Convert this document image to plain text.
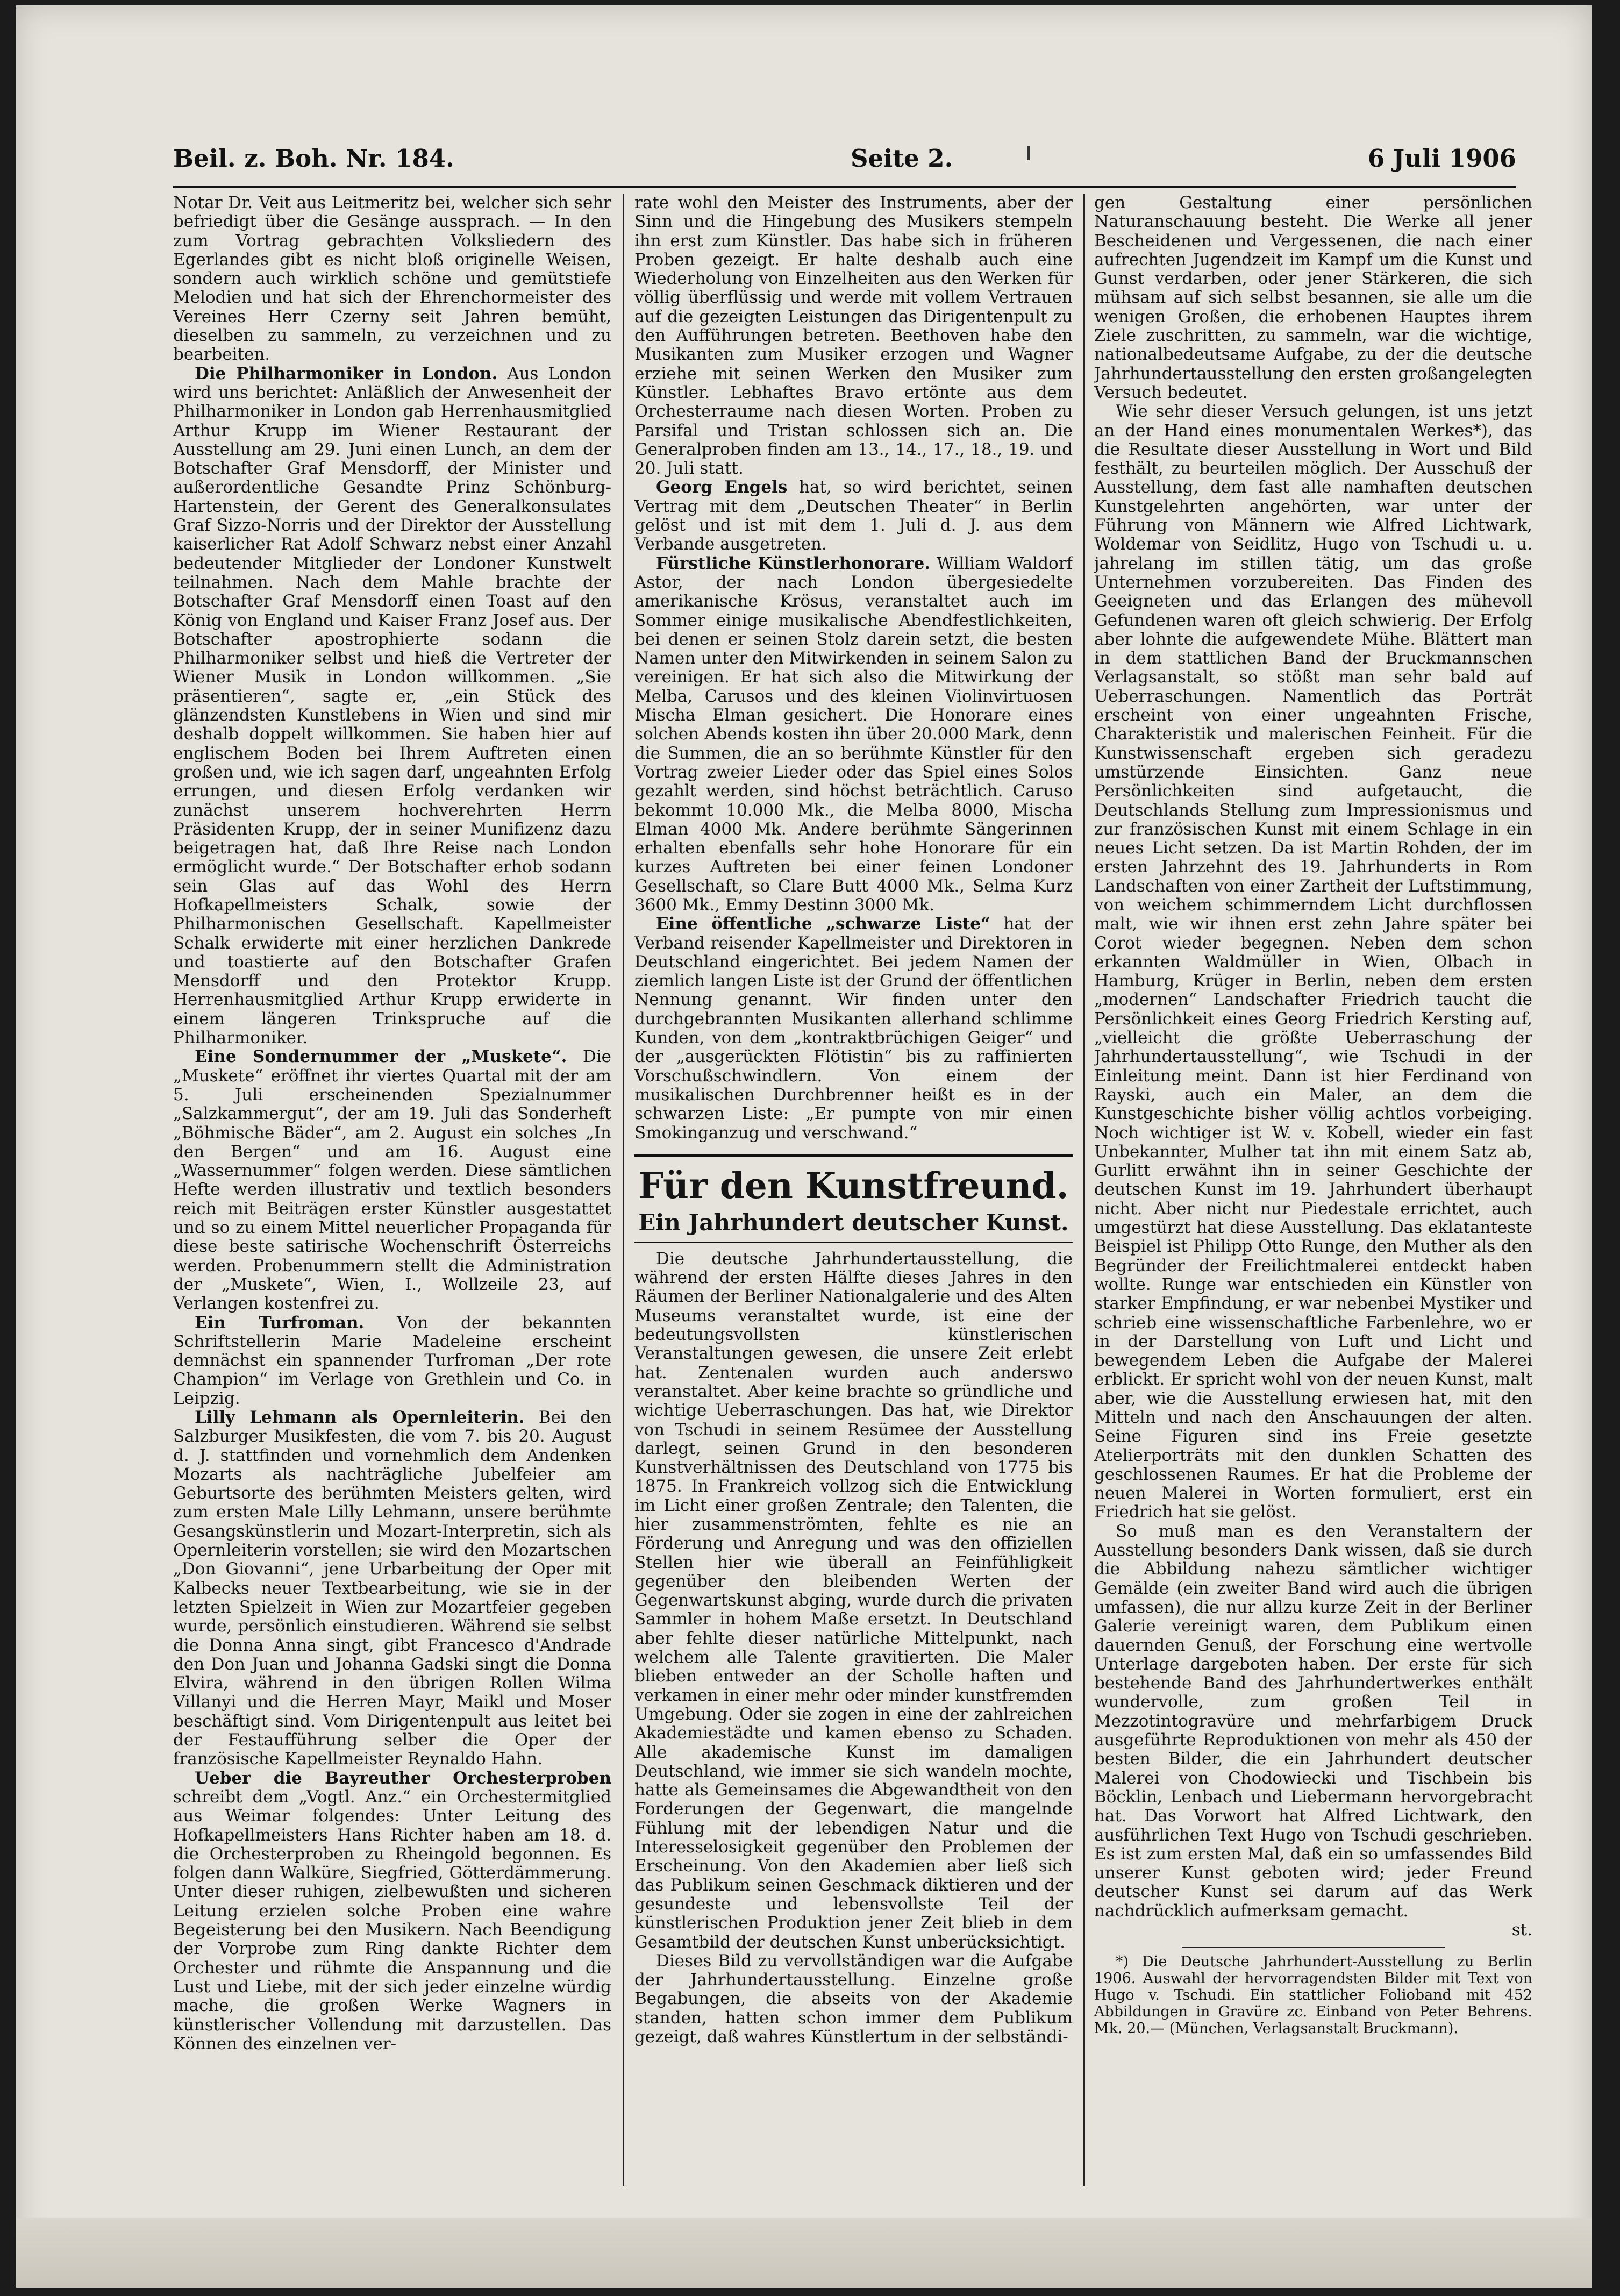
Beil. z. Boh. Nr. 184.	Seite 2.	6 Juli 1906

Notar Dr. Veit aus Leitmeritz bei, welcher sich sehr befriedigt über die Gesänge aussprach. — In den zum Vortrag gebrachten Volksliedern des Egerlandes gibt es nicht bloß originelle Weisen, sondern auch wirklich schöne und gemütstiefe Melodien und hat sich der Ehrenchormeister des Vereines Herr Czerny seit Jahren bemüht, dieselben zu sammeln, zu verzeichnen und zu bearbeiten.

Die Philharmoniker in London. Aus London wird uns berichtet: Anläßlich der Anwesenheit der Philharmoniker in London gab Herrenhausmitglied Arthur Krupp im Wiener Restaurant der Ausstellung am 29. Juni einen Lunch, an dem der Botschafter Graf Mensdorff, der Minister und außerordentliche Gesandte Prinz Schönburg-Hartenstein, der Gerent des Generalkonsulates Graf Sizzo-Norris und der Direktor der Ausstellung kaiserlicher Rat Adolf Schwarz nebst einer Anzahl bedeutender Mitglieder der Londoner Kunstwelt teilnahmen. Nach dem Mahle brachte der Botschafter Graf Mensdorff einen Toast auf den König von England und Kaiser Franz Josef aus. Der Botschafter apostrophierte sodann die Philharmoniker selbst und hieß die Vertreter der Wiener Musik in London willkommen. „Sie präsentieren“, sagte er, „ein Stück des glänzendsten Kunstlebens in Wien und sind mir deshalb doppelt willkommen. Sie haben hier auf englischem Boden bei Ihrem Auftreten einen großen und, wie ich sagen darf, ungeahnten Erfolg errungen, und diesen Erfolg verdanken wir zunächst unserem hochverehrten Herrn Präsidenten Krupp, der in seiner Munifizenz dazu beigetragen hat, daß Ihre Reise nach London ermöglicht wurde.“ Der Botschafter erhob sodann sein Glas auf das Wohl des Herrn Hofkapellmeisters Schalk, sowie der Philharmonischen Gesellschaft. Kapellmeister Schalk erwiderte mit einer herzlichen Dankrede und toastierte auf den Botschafter Grafen Mensdorff und den Protektor Krupp. Herrenhausmitglied Arthur Krupp erwiderte in einem längeren Trinkspruche auf die Philharmoniker.

Eine Sondernummer der „Muskete“. Die „Muskete“ eröffnet ihr viertes Quartal mit der am 5. Juli erscheinenden Spezialnummer „Salzkammergut“, der am 19. Juli das Sonderheft „Böhmische Bäder“, am 2. August ein solches „In den Bergen“ und am 16. August eine „Wassernummer“ folgen werden. Diese sämtlichen Hefte werden illustrativ und textlich besonders reich mit Beiträgen erster Künstler ausgestattet und so zu einem Mittel neuerlicher Propaganda für diese beste satirische Wochenschrift Österreichs werden. Probenummern stellt die Administration der „Muskete“, Wien, I., Wollzeile 23, auf Verlangen kostenfrei zu.

Ein Turfroman. Von der bekannten Schriftstellerin Marie Madeleine erscheint demnächst ein spannender Turfroman „Der rote Champion“ im Verlage von Grethlein und Co. in Leipzig.

Lilly Lehmann als Opernleiterin. Bei den Salzburger Musikfesten, die vom 7. bis 20. August d. J. stattfinden und vornehmlich dem Andenken Mozarts als nachträgliche Jubelfeier am Geburtsorte des berühmten Meisters gelten, wird zum ersten Male Lilly Lehmann, unsere berühmte Gesangskünstlerin und Mozart-Interpretin, sich als Opernleiterin vorstellen; sie wird den Mozartschen „Don Giovanni“, jene Urbarbeitung der Oper mit Kalbecks neuer Textbearbeitung, wie sie in der letzten Spielzeit in Wien zur Mozartfeier gegeben wurde, persönlich einstudieren. Während sie selbst die Donna Anna singt, gibt Francesco d'Andrade den Don Juan und Johanna Gadski singt die Donna Elvira, während in den übrigen Rollen Wilma Villanyi und die Herren Mayr, Maikl und Moser beschäftigt sind. Vom Dirigentenpult aus leitet bei der Festaufführung selber die Oper der französische Kapellmeister Reynaldo Hahn.

Ueber die Bayreuther Orchesterproben schreibt dem „Vogtl. Anz.“ ein Orchestermitglied aus Weimar folgendes: Unter Leitung des Hofkapellmeisters Hans Richter haben am 18. d. die Orchesterproben zu Rheingold begonnen. Es folgen dann Walküre, Siegfried, Götterdämmerung. Unter dieser ruhigen, zielbewußten und sicheren Leitung erzielen solche Proben eine wahre Begeisterung bei den Musikern. Nach Beendigung der Vorprobe zum Ring dankte Richter dem Orchester und rühmte die Anspannung und die Lust und Liebe, mit der sich jeder einzelne würdig mache, die großen Werke Wagners in künstlerischer Vollendung mit darzustellen. Das Können des einzelnen ver-

rate wohl den Meister des Instruments, aber der Sinn und die Hingebung des Musikers stempeln ihn erst zum Künstler. Das habe sich in früheren Proben gezeigt. Er halte deshalb auch eine Wiederholung von Einzelheiten aus den Werken für völlig überflüssig und werde mit vollem Vertrauen auf die gezeigten Leistungen das Dirigentenpult zu den Aufführungen betreten. Beethoven habe den Musikanten zum Musiker erzogen und Wagner erziehe mit seinen Werken den Musiker zum Künstler. Lebhaftes Bravo ertönte aus dem Orchesterraume nach diesen Worten. Proben zu Parsifal und Tristan schlossen sich an. Die Generalproben finden am 13., 14., 17., 18., 19. und 20. Juli statt.

Georg Engels hat, so wird berichtet, seinen Vertrag mit dem „Deutschen Theater“ in Berlin gelöst und ist mit dem 1. Juli d. J. aus dem Verbande ausgetreten.

Fürstliche Künstlerhonorare. William Waldorf Astor, der nach London übergesiedelte amerikanische Krösus, veranstaltet auch im Sommer einige musikalische Abendfestlichkeiten, bei denen er seinen Stolz darein setzt, die besten Namen unter den Mitwirkenden in seinem Salon zu vereinigen. Er hat sich also die Mitwirkung der Melba, Carusos und des kleinen Violinvirtuosen Mischa Elman gesichert. Die Honorare eines solchen Abends kosten ihn über 20.000 Mark, denn die Summen, die an so berühmte Künstler für den Vortrag zweier Lieder oder das Spiel eines Solos gezahlt werden, sind höchst beträchtlich. Caruso bekommt 10.000 Mk., die Melba 8000, Mischa Elman 4000 Mk. Andere berühmte Sängerinnen erhalten ebenfalls sehr hohe Honorare für ein kurzes Auftreten bei einer feinen Londoner Gesellschaft, so Clare Butt 4000 Mk., Selma Kurz 3600 Mk., Emmy Destinn 3000 Mk.

Eine öffentliche „schwarze Liste“ hat der Verband reisender Kapellmeister und Direktoren in Deutschland eingerichtet. Bei jedem Namen der ziemlich langen Liste ist der Grund der öffentlichen Nennung genannt. Wir finden unter den durchgebrannten Musikanten allerhand schlimme Kunden, von dem „kontraktbrüchigen Geiger“ und der „ausgerückten Flötistin“ bis zu raffinierten Vorschußschwindlern. Von einem der musikalischen Durchbrenner heißt es in der schwarzen Liste: „Er pumpte von mir einen Smokinganzug und verschwand.“

Für den Kunstfreund.
Ein Jahrhundert deutscher Kunst.

Die deutsche Jahrhundertausstellung, die während der ersten Hälfte dieses Jahres in den Räumen der Berliner Nationalgalerie und des Alten Museums veranstaltet wurde, ist eine der bedeutungsvollsten künstlerischen Veranstaltungen gewesen, die unsere Zeit erlebt hat. Zentenalen wurden auch anderswo veranstaltet. Aber keine brachte so gründliche und wichtige Ueberraschungen. Das hat, wie Direktor von Tschudi in seinem Resümee der Ausstellung darlegt, seinen Grund in den besonderen Kunstverhältnissen des Deutschland von 1775 bis 1875. In Frankreich vollzog sich die Entwicklung im Licht einer großen Zentrale; den Talenten, die hier zusammenströmten, fehlte es nie an Förderung und Anregung und was den offiziellen Stellen hier wie überall an Feinfühligkeit gegenüber den bleibenden Werten der Gegenwartskunst abging, wurde durch die privaten Sammler in hohem Maße ersetzt. In Deutschland aber fehlte dieser natürliche Mittelpunkt, nach welchem alle Talente gravitierten. Die Maler blieben entweder an der Scholle haften und verkamen in einer mehr oder minder kunstfremden Umgebung. Oder sie zogen in eine der zahlreichen Akademiestädte und kamen ebenso zu Schaden. Alle akademische Kunst im damaligen Deutschland, wie immer sie sich wandeln mochte, hatte als Gemeinsames die Abgewandtheit von den Forderungen der Gegenwart, die mangelnde Fühlung mit der lebendigen Natur und die Interesselosigkeit gegenüber den Problemen der Erscheinung. Von den Akademien aber ließ sich das Publikum seinen Geschmack diktieren und der gesundeste und lebensvollste Teil der künstlerischen Produktion jener Zeit blieb in dem Gesamtbild der deutschen Kunst unberücksichtigt.

Dieses Bild zu vervollständigen war die Aufgabe der Jahrhundertausstellung. Einzelne große Begabungen, die abseits von der Akademie standen, hatten schon immer dem Publikum gezeigt, daß wahres Künstlertum in der selbständi-

gen Gestaltung einer persönlichen Naturanschauung besteht. Die Werke all jener Bescheidenen und Vergessenen, die nach einer aufrechten Jugendzeit im Kampf um die Kunst und Gunst verdarben, oder jener Stärkeren, die sich mühsam auf sich selbst besannen, sie alle um die wenigen Großen, die erhobenen Hauptes ihrem Ziele zuschritten, zu sammeln, war die wichtige, nationalbedeutsame Aufgabe, zu der die deutsche Jahrhundertausstellung den ersten großangelegten Versuch bedeutet.

Wie sehr dieser Versuch gelungen, ist uns jetzt an der Hand eines monumentalen Werkes*), das die Resultate dieser Ausstellung in Wort und Bild festhält, zu beurteilen möglich. Der Ausschuß der Ausstellung, dem fast alle namhaften deutschen Kunstgelehrten angehörten, war unter der Führung von Männern wie Alfred Lichtwark, Woldemar von Seidlitz, Hugo von Tschudi u. u. jahrelang im stillen tätig, um das große Unternehmen vorzubereiten. Das Finden des Geeigneten und das Erlangen des mühevoll Gefundenen waren oft gleich schwierig. Der Erfolg aber lohnte die aufgewendete Mühe. Blättert man in dem stattlichen Band der Bruckmannschen Verlagsanstalt, so stößt man sehr bald auf Ueberraschungen. Namentlich das Porträt erscheint von einer ungeahnten Frische, Charakteristik und malerischen Feinheit. Für die Kunstwissenschaft ergeben sich geradezu umstürzende Einsichten. Ganz neue Persönlichkeiten sind aufgetaucht, die Deutschlands Stellung zum Impressionismus und zur französischen Kunst mit einem Schlage in ein neues Licht setzen. Da ist Martin Rohden, der im ersten Jahrzehnt des 19. Jahrhunderts in Rom Landschaften von einer Zartheit der Luftstimmung, von weichem schimmerndem Licht durchflossen malt, wie wir ihnen erst zehn Jahre später bei Corot wieder begegnen. Neben dem schon erkannten Waldmüller in Wien, Olbach in Hamburg, Krüger in Berlin, neben dem ersten „modernen“ Landschafter Friedrich taucht die Persönlichkeit eines Georg Friedrich Kersting auf, „vielleicht die größte Ueberraschung der Jahrhundertausstellung“, wie Tschudi in der Einleitung meint. Dann ist hier Ferdinand von Rayski, auch ein Maler, an dem die Kunstgeschichte bisher völlig achtlos vorbeiging. Noch wichtiger ist W. v. Kobell, wieder ein fast Unbekannter, Mulher tat ihn mit einem Satz ab, Gurlitt erwähnt ihn in seiner Geschichte der deutschen Kunst im 19. Jahrhundert überhaupt nicht. Aber nicht nur Piedestale errichtet, auch umgestürzt hat diese Ausstellung. Das eklatanteste Beispiel ist Philipp Otto Runge, den Muther als den Begründer der Freilichtmalerei entdeckt haben wollte. Runge war entschieden ein Künstler von starker Empfindung, er war nebenbei Mystiker und schrieb eine wissenschaftliche Farbenlehre, wo er in der Darstellung von Luft und Licht und bewegendem Leben die Aufgabe der Malerei erblickt. Er spricht wohl von der neuen Kunst, malt aber, wie die Ausstellung erwiesen hat, mit den Mitteln und nach den Anschauungen der alten. Seine Figuren sind ins Freie gesetzte Atelierporträts mit den dunklen Schatten des geschlossenen Raumes. Er hat die Probleme der neuen Malerei in Worten formuliert, erst ein Friedrich hat sie gelöst.

So muß man es den Veranstaltern der Ausstellung besonders Dank wissen, daß sie durch die Abbildung nahezu sämtlicher wichtiger Gemälde (ein zweiter Band wird auch die übrigen umfassen), die nur allzu kurze Zeit in der Berliner Galerie vereinigt waren, dem Publikum einen dauernden Genuß, der Forschung eine wertvolle Unterlage dargeboten haben. Der erste für sich bestehende Band des Jahrhundertwerkes enthält wundervolle, zum großen Teil in Mezzotintogravüre und mehrfarbigem Druck ausgeführte Reproduktionen von mehr als 450 der besten Bilder, die ein Jahrhundert deutscher Malerei von Chodowiecki und Tischbein bis Böcklin, Lenbach und Liebermann hervorgebracht hat. Das Vorwort hat Alfred Lichtwark, den ausführlichen Text Hugo von Tschudi geschrieben. Es ist zum ersten Mal, daß ein so umfassendes Bild unserer Kunst geboten wird; jeder Freund deutscher Kunst sei darum auf das Werk nachdrücklich aufmerksam gemacht.

st.

*) Die Deutsche Jahrhundert-Ausstellung zu Berlin 1906. Auswahl der hervorragendsten Bilder mit Text von Hugo v. Tschudi. Ein stattlicher Folioband mit 452 Abbildungen in Gravüre zc. Einband von Peter Behrens. Mk. 20.— (München, Verlagsanstalt Bruckmann).
